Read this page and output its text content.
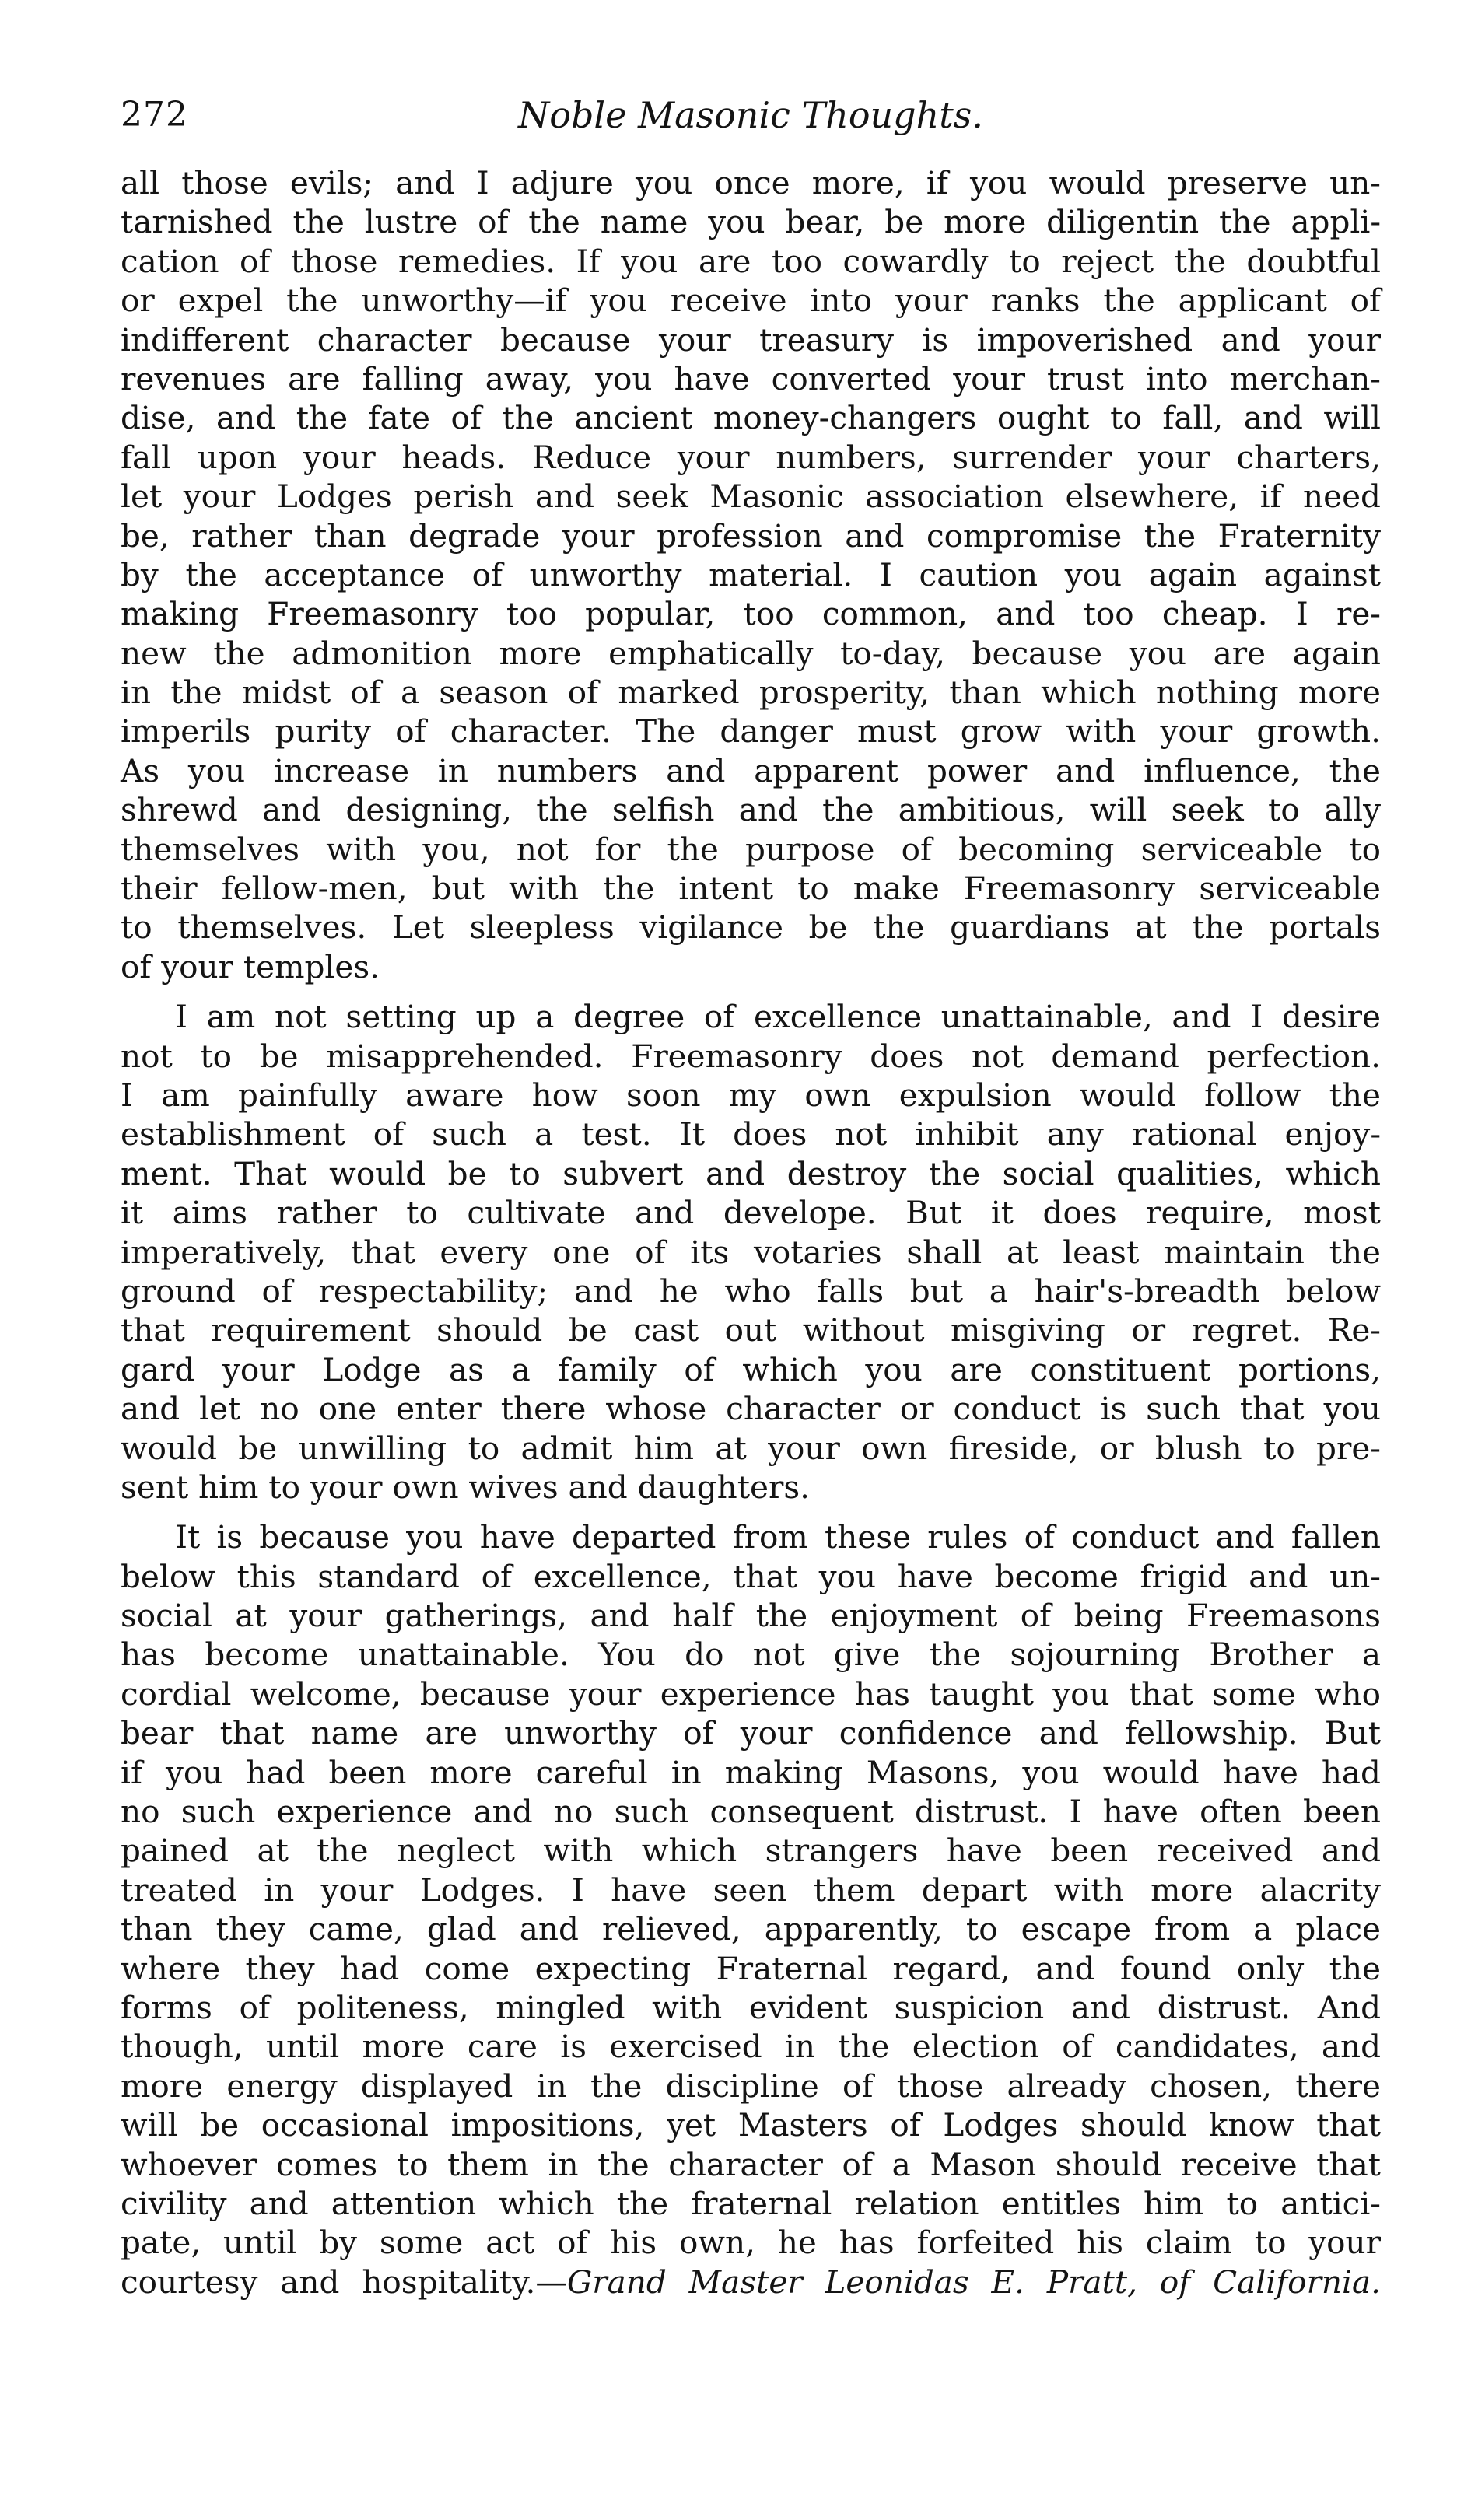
272	Noble Masonic Thoughts.
all those evils; and I adjure you once more, if you would preserve un-
tarnished the lustre of the name you bear, be more diligentin the appli-
cation of those remedies. If you are too cowardly to reject the doubtful
or expel the unworthy—if you receive into your ranks the applicant of
indifferent character because your treasury is impoverished and your
revenues are falling away, you have converted your trust into merchan-
dise, and the fate of the ancient money-changers ought to fall, and will
fall upon your heads. Reduce your numbers, surrender your charters,
let your Lodges perish and seek Masonic association elsewhere, if need
be, rather than degrade your profession and compromise the Fraternity
by the acceptance of unworthy material. I caution you again against
making Freemasonry too popular, too common, and too cheap. I re-
new the admonition more emphatically to-day, because you are again
in the midst of a season of marked prosperity, than which nothing more
imperils purity of character. The danger must grow with your growth.
As you increase in numbers and apparent power and influence, the
shrewd and designing, the selfish and the ambitious, will seek to ally
themselves with you, not for the purpose of becoming serviceable to
their fellow-men, but with the intent to make Freemasonry serviceable
to themselves. Let sleepless vigilance be the guardians at the portals
of your temples.
I am not setting up a degree of excellence unattainable, and I desire
not to be misapprehended. Freemasonry does not demand perfection.
I am painfully aware how soon my own expulsion would follow the
establishment of such a test. It does not inhibit any rational enjoy-
ment. That would be to subvert and destroy the social qualities, which
it aims rather to cultivate and develope. But it does require, most
imperatively, that every one of its votaries shall at least maintain the
ground of respectability; and he who falls but a hair's-breadth below
that requirement should be cast out without misgiving or regret. Re-
gard your Lodge as a family of which you are constituent portions,
and let no one enter there whose character or conduct is such that you
would be unwilling to admit him at your own fireside, or blush to pre-
sent him to your own wives and daughters.
It is because you have departed from these rules of conduct and fallen
below this standard of excellence, that you have become frigid and un-
social at your gatherings, and half the enjoyment of being Freemasons
has become unattainable. You do not give the sojourning Brother a
cordial welcome, because your experience has taught you that some who
bear that name are unworthy of your confidence and fellowship. But
if you had been more careful in making Masons, you would have had
no such experience and no such consequent distrust. I have often been
pained at the neglect with which strangers have been received and
treated in your Lodges. I have seen them depart with more alacrity
than they came, glad and relieved, apparently, to escape from a place
where they had come expecting Fraternal regard, and found only the
forms of politeness, mingled with evident suspicion and distrust. And
though, until more care is exercised in the election of candidates, and
more energy displayed in the discipline of those already chosen, there
will be occasional impositions, yet Masters of Lodges should know that
whoever comes to them in the character of a Mason should receive that
civility and attention which the fraternal relation entitles him to antici-
pate, until by some act of his own, he has forfeited his claim to your
courtesy and hospitality.—Grand Master Leonidas E. Pratt, of California.
